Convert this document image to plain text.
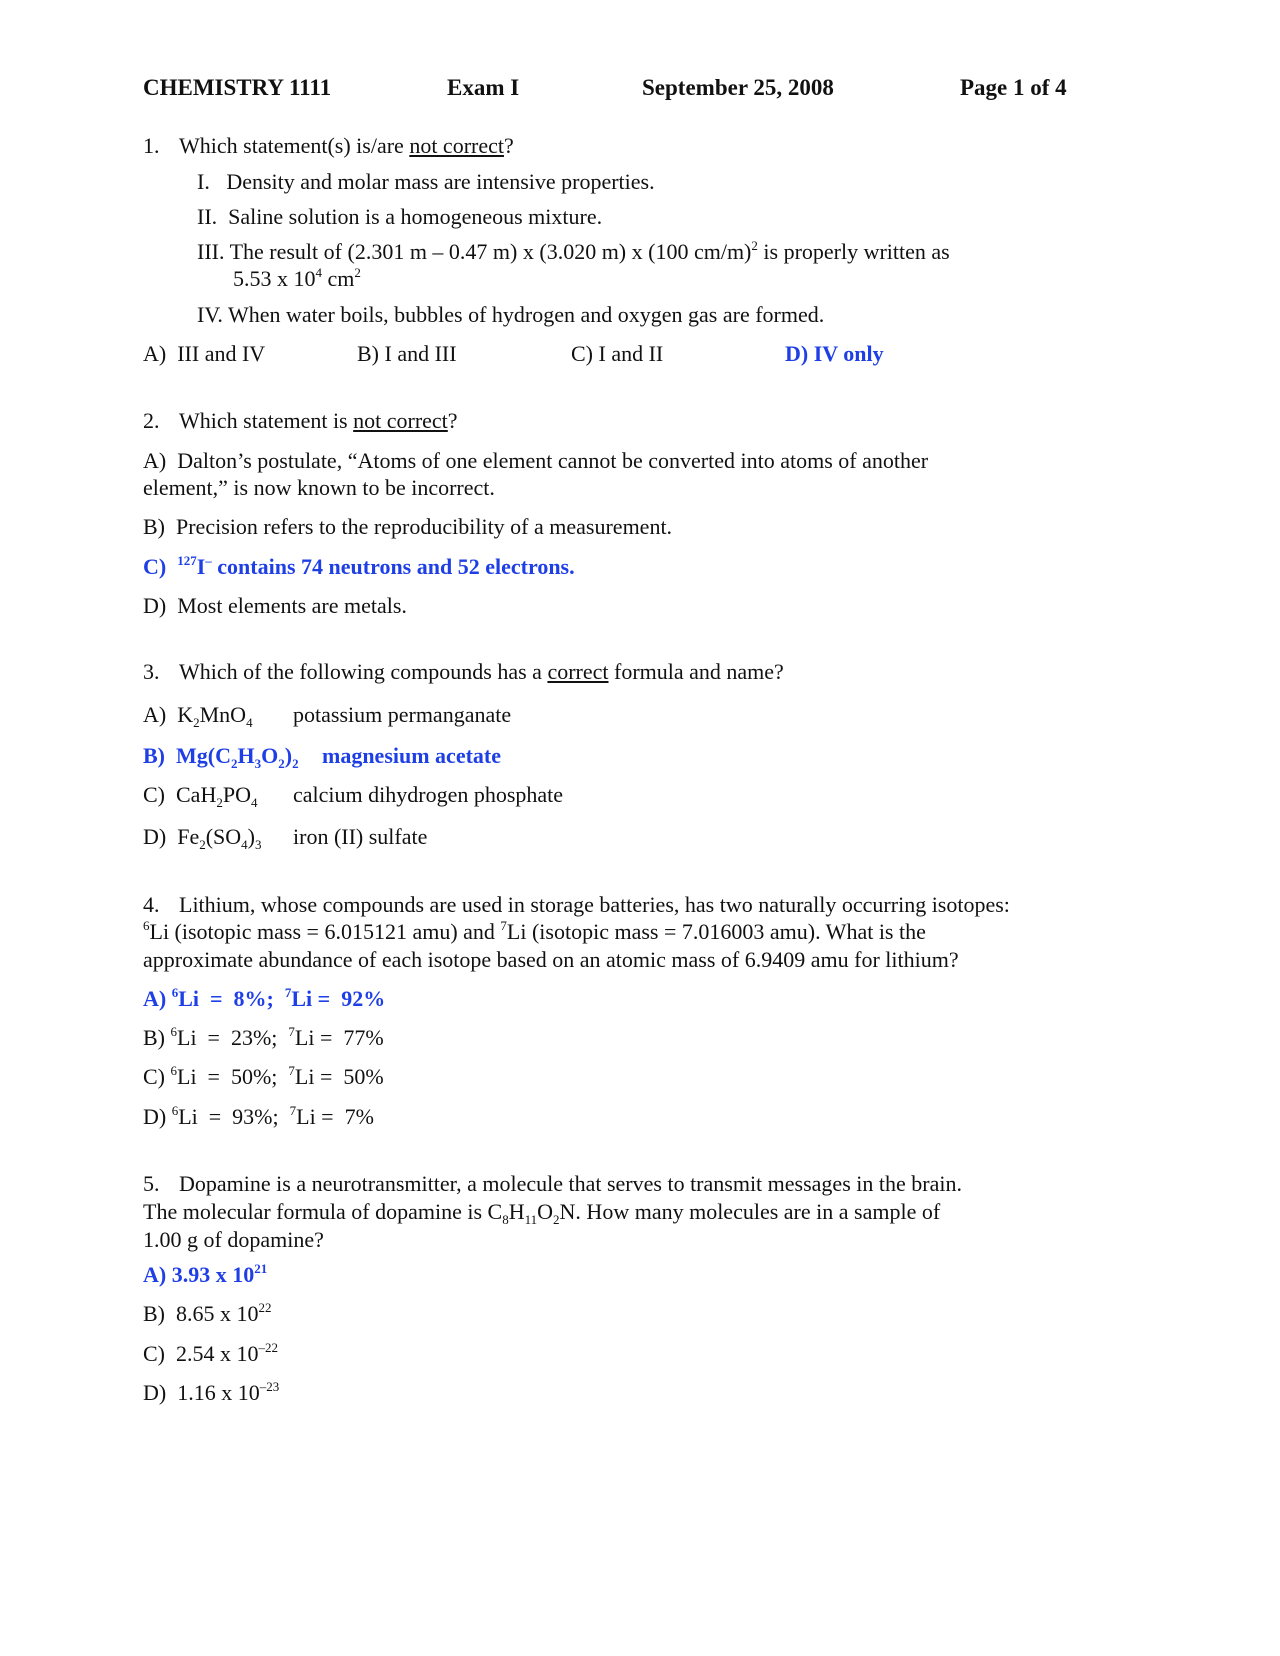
CHEMISTRY 1111	Exam I	September 25, 2008	Page 1 of 4
1. Which statement(s) is/are not correct?
I.   Density and molar mass are intensive properties.
II.  Saline solution is a homogeneous mixture.
III. The result of (2.301 m – 0.47 m) x (3.020 m) x (100 cm/m)$^2$ is properly written as
5.53 x $10^4$ $cm^2$
IV. When water boils, bubbles of hydrogen and oxygen gas are formed.
A)  III and IV	B) I and III	C) I and II	D) IV only
2. Which statement is not correct?
A)  Dalton’s postulate, “Atoms of one element cannot be converted into atoms of another
element,” is now known to be incorrect.
B)  Precision refers to the reproducibility of a measurement.
C)  $^{127}$I– contains 74 neutrons and 52 electrons.
D)  Most elements are metals.
3. Which of the following compounds has a correct formula and name?
A)  $K_2MnO_4$ potassium permanganate
B)  $Mg(C_2H_3O_2)_2$ magnesium acetate
C)  $CaH_2PO_4$ calcium dihydrogen phosphate
D)  $Fe_2(SO_4)_3$ iron (II) sulfate
4. Lithium, whose compounds are used in storage batteries, has two naturally occurring isotopes:
$^6$Li (isotopic mass = 6.015121 amu) and $^7$Li (isotopic mass = 7.016003 amu). What is the
approximate abundance of each isotope based on an atomic mass of 6.9409 amu for lithium?
A) $^6$Li  =  8%;  $^7$Li =  92%
B) $^6$Li  =  23%;  $^7$Li =  77%
C) $^6$Li  =  50%;  $^7$Li =  50%
D) $^6$Li  =  93%;  $^7$Li =  7%
5. Dopamine is a neurotransmitter, a molecule that serves to transmit messages in the brain.
The molecular formula of dopamine is $C_8H_{11}O_2N$. How many molecules are in a sample of
1.00 g of dopamine?
A) 3.93 x $10^{21}$
B)  8.65 x $10^{22}$
C)  2.54 x $10^{-22}$
D)  1.16 x $10^{-23}$
